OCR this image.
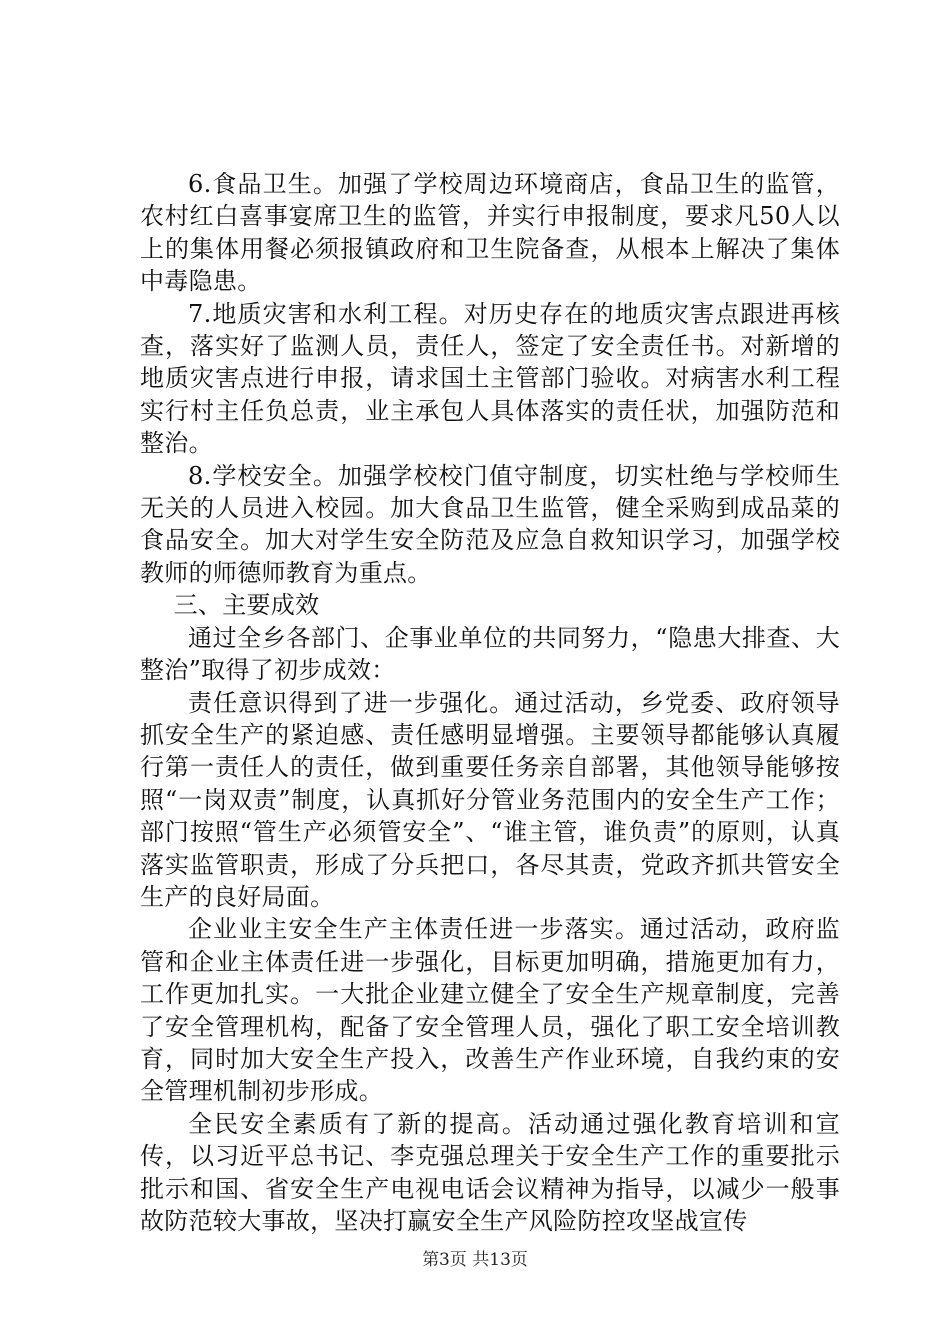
6.食品卫生。加强了学校周边环境商店，食品卫生的监管，农村红白喜事宴席卫生的监管，并实行申报制度，要求凡50人以上的集体用餐必须报镇政府和卫生院备查，从根本上解决了集体中毒隐患。

7.地质灾害和水利工程。对历史存在的地质灾害点跟进再核查，落实好了监测人员，责任人，签定了安全责任书。对新增的地质灾害点进行申报，请求国土主管部门验收。对病害水利工程实行村主任负总责，业主承包人具体落实的责任状，加强防范和整治。

8.学校安全。加强学校校门值守制度，切实杜绝与学校师生无关的人员进入校园。加大食品卫生监管，健全采购到成品菜的食品安全。加大对学生安全防范及应急自救知识学习，加强学校教师的师德师教育为重点。

三、主要成效

通过全乡各部门、企事业单位的共同努力，“隐患大排查、大整治”取得了初步成效：

责任意识得到了进一步强化。通过活动，乡党委、政府领导抓安全生产的紧迫感、责任感明显增强。主要领导都能够认真履行第一责任人的责任，做到重要任务亲自部署，其他领导能够按照“一岗双责”制度，认真抓好分管业务范围内的安全生产工作；部门按照“管生产必须管安全”、“谁主管，谁负责”的原则，认真落实监管职责，形成了分兵把口，各尽其责，党政齐抓共管安全生产的良好局面。

企业业主安全生产主体责任进一步落实。通过活动，政府监管和企业主体责任进一步强化，目标更加明确，措施更加有力，工作更加扎实。一大批企业建立健全了安全生产规章制度，完善了安全管理机构，配备了安全管理人员，强化了职工安全培训教育，同时加大安全生产投入，改善生产作业环境，自我约束的安全管理机制初步形成。

全民安全素质有了新的提高。活动通过强化教育培训和宣传，以习近平总书记、李克强总理关于安全生产工作的重要批示批示和国、省安全生产电视电话会议精神为指导，以减少一般事故防范较大事故，坚决打赢安全生产风险防控攻坚战宣传

第3页 共13页
